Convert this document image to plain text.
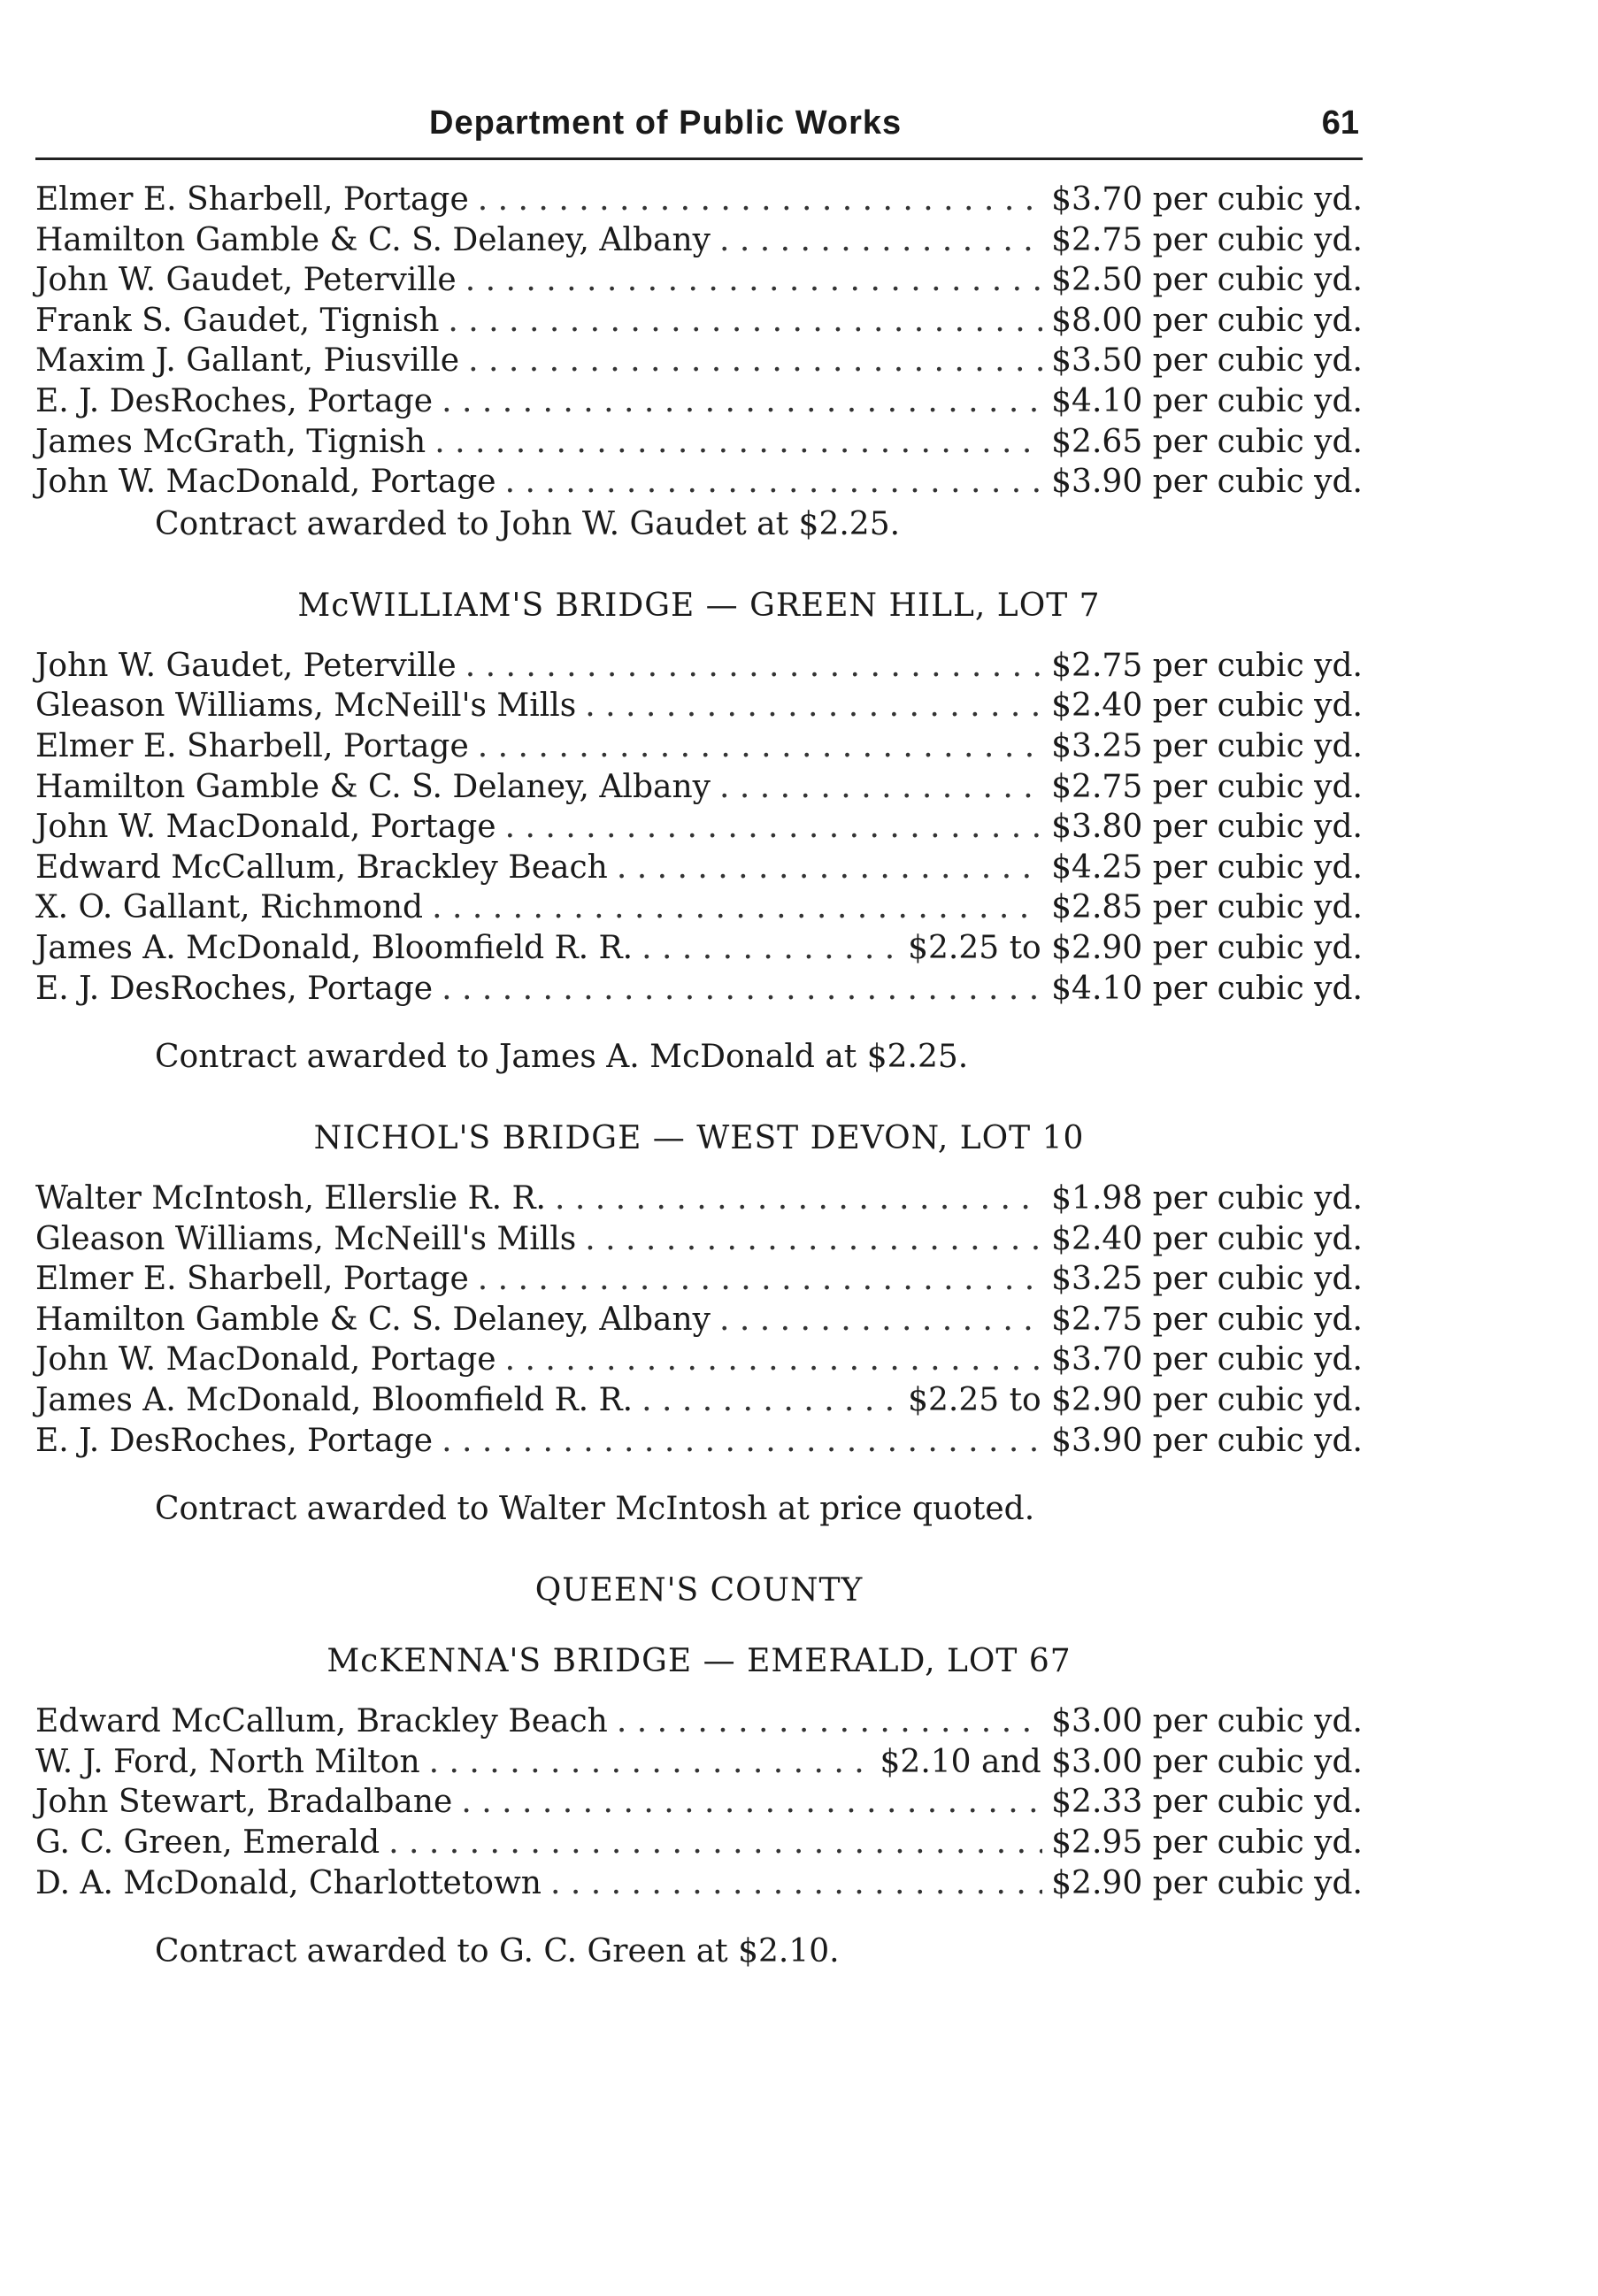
Department of Public Works	61
Elmer E. Sharbell, Portage . . .	$3.70 per cubic yd.
Hamilton Gamble & C. S. Delaney, Albany . . .	$2.75 per cubic yd.
John W. Gaudet, Peterville . . .	$2.50 per cubic yd.
Frank S. Gaudet, Tignish . . .	$8.00 per cubic yd.
Maxim J. Gallant, Piusville . . .	$3.50 per cubic yd.
E. J. DesRoches, Portage . . .	$4.10 per cubic yd.
James McGrath, Tignish . . .	$2.65 per cubic yd.
John W. MacDonald, Portage . . .	$3.90 per cubic yd.
Contract awarded to John W. Gaudet at $2.25.
McWILLIAM'S BRIDGE — GREEN HILL, LOT 7
John W. Gaudet, Peterville . . .	$2.75 per cubic yd.
Gleason Williams, McNeill's Mills . . .	$2.40 per cubic yd.
Elmer E. Sharbell, Portage . . .	$3.25 per cubic yd.
Hamilton Gamble & C. S. Delaney, Albany . . .	$2.75 per cubic yd.
John W. MacDonald, Portage . . .	$3.80 per cubic yd.
Edward McCallum, Brackley Beach . . .	$4.25 per cubic yd.
X. O. Gallant, Richmond . . .	$2.85 per cubic yd.
James A. McDonald, Bloomfield R. R. . . .	$2.25 to $2.90 per cubic yd.
E. J. DesRoches, Portage . . .	$4.10 per cubic yd.
Contract awarded to James A. McDonald at $2.25.
NICHOL'S BRIDGE — WEST DEVON, LOT 10
Walter McIntosh, Ellerslie R. R. . . .	$1.98 per cubic yd.
Gleason Williams, McNeill's Mills . . .	$2.40 per cubic yd.
Elmer E. Sharbell, Portage . . .	$3.25 per cubic yd.
Hamilton Gamble & C. S. Delaney, Albany . . .	$2.75 per cubic yd.
John W. MacDonald, Portage . . .	$3.70 per cubic yd.
James A. McDonald, Bloomfield R. R. . . .	$2.25 to $2.90 per cubic yd.
E. J. DesRoches, Portage . . .	$3.90 per cubic yd.
Contract awarded to Walter McIntosh at price quoted.
QUEEN'S COUNTY
McKENNA'S BRIDGE — EMERALD, LOT 67
Edward McCallum, Brackley Beach . . .	$3.00 per cubic yd.
W. J. Ford, North Milton . . .	$2.10 and $3.00 per cubic yd.
John Stewart, Bradalbane . . .	$2.33 per cubic yd.
G. C. Green, Emerald . . .	$2.95 per cubic yd.
D. A. McDonald, Charlottetown . . .	$2.90 per cubic yd.
Contract awarded to G. C. Green at $2.10.
